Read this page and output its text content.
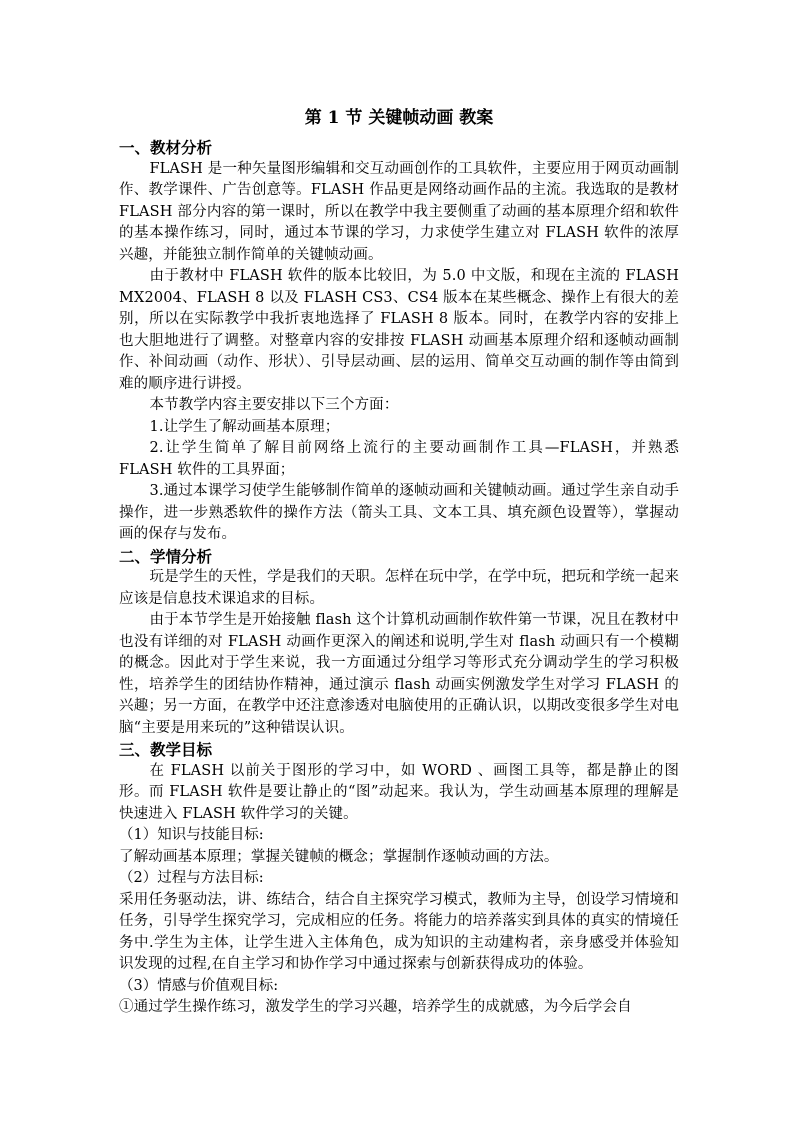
第 1 节 关键帧动画 教案
一、教材分析

FLASH 是一种矢量图形编辑和交互动画创作的工具软件，主要应用于网页动画制作、教学课件、广告创意等。FLASH 作品更是网络动画作品的主流。我选取的是教材 FLASH 部分内容的第一课时，所以在教学中我主要侧重了动画的基本原理介绍和软件的基本操作练习，同时，通过本节课的学习，力求使学生建立对 FLASH 软件的浓厚兴趣，并能独立制作简单的关键帧动画。

由于教材中 FLASH 软件的版本比较旧，为 5.0 中文版，和现在主流的 FLASH MX2004、FLASH 8 以及 FLASH CS3、CS4 版本在某些概念、操作上有很大的差别，所以在实际教学中我折衷地选择了 FLASH 8 版本。同时，在教学内容的安排上也大胆地进行了调整。对整章内容的安排按 FLASH 动画基本原理介绍和逐帧动画制作、补间动画（动作、形状）、引导层动画、层的运用、简单交互动画的制作等由简到难的顺序进行讲授。

本节教学内容主要安排以下三个方面：

1.让学生了解动画基本原理；

2.让学生简单了解目前网络上流行的主要动画制作工具—FLASH，并熟悉 FLASH 软件的工具界面；

3.通过本课学习使学生能够制作简单的逐帧动画和关键帧动画。通过学生亲自动手操作，进一步熟悉软件的操作方法（箭头工具、文本工具、填充颜色设置等），掌握动画的保存与发布。

二、学情分析

玩是学生的天性，学是我们的天职。怎样在玩中学，在学中玩，把玩和学统一起来应该是信息技术课追求的目标。

由于本节学生是开始接触 flash 这个计算机动画制作软件第一节课，况且在教材中也没有详细的对 FLASH 动画作更深入的阐述和说明,学生对 flash 动画只有一个模糊的概念。因此对于学生来说，我一方面通过分组学习等形式充分调动学生的学习积极性，培养学生的团结协作精神，通过演示 flash 动画实例激发学生对学习 FLASH 的兴趣；另一方面，在教学中还注意渗透对电脑使用的正确认识，以期改变很多学生对电脑“主要是用来玩的”这种错误认识。

三、教学目标

在 FLASH 以前关于图形的学习中，如 WORD 、画图工具等，都是静止的图形。而 FLASH 软件是要让静止的“图”动起来。我认为，学生动画基本原理的理解是快速进入 FLASH 软件学习的关键。

（1）知识与技能目标:

了解动画基本原理；掌握关键帧的概念；掌握制作逐帧动画的方法。

（2）过程与方法目标:

采用任务驱动法，讲、练结合，结合自主探究学习模式，教师为主导，创设学习情境和任务，引导学生探究学习，完成相应的任务。将能力的培养落实到具体的真实的情境任务中.学生为主体，让学生进入主体角色，成为知识的主动建构者，亲身感受并体验知识发现的过程,在自主学习和协作学习中通过探索与创新获得成功的体验。

（3）情感与价值观目标:

①通过学生操作练习，激发学生的学习兴趣，培养学生的成就感，为今后学会自
